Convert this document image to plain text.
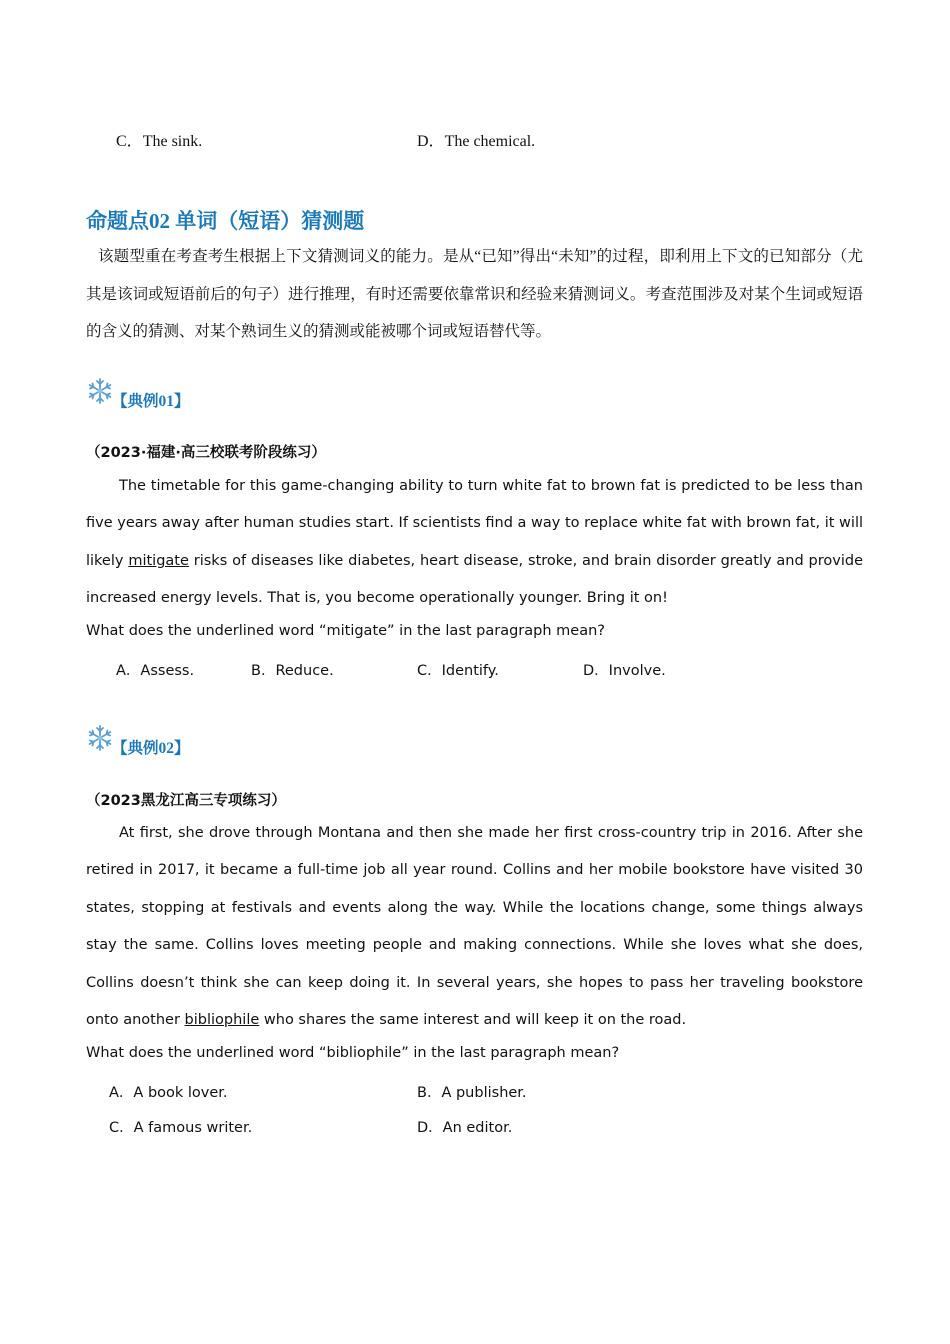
C．The sink.	D．The chemical.
命题点02 单词（短语）猜测题
该题型重在考查考生根据上下文猜测词义的能力。是从“已知”得出“未知”的过程，即利用上下文的已知部分（尤其是该词或短语前后的句子）进行推理，有时还需要依靠常识和经验来猜测词义。考查范围涉及对某个生词或短语的含义的猜测、对某个熟词生义的猜测或能被哪个词或短语替代等。
【典例01】
（2023·福建·高三校联考阶段练习）
The timetable for this game-changing ability to turn white fat to brown fat is predicted to be less than five years away after human studies start. If scientists find a way to replace white fat with brown fat, it will likely mitigate risks of diseases like diabetes, heart disease, stroke, and brain disorder greatly and provide increased energy levels. That is, you become operationally younger. Bring it on!
What does the underlined word “mitigate” in the last paragraph mean?
A．Assess.	B．Reduce.	C．Identify.	D．Involve.
【典例02】
（2023黑龙江高三专项练习）
At first, she drove through Montana and then she made her first cross-country trip in 2016. After she retired in 2017, it became a full-time job all year round. Collins and her mobile bookstore have visited 30 states, stopping at festivals and events along the way. While the locations change, some things always stay the same. Collins loves meeting people and making connections. While she loves what she does, Collins doesn’t think she can keep doing it. In several years, she hopes to pass her traveling bookstore onto another bibliophile who shares the same interest and will keep it on the road.
What does the underlined word “bibliophile” in the last paragraph mean?
A．A book lover.	B．A publisher.
C．A famous writer.	D．An editor.
